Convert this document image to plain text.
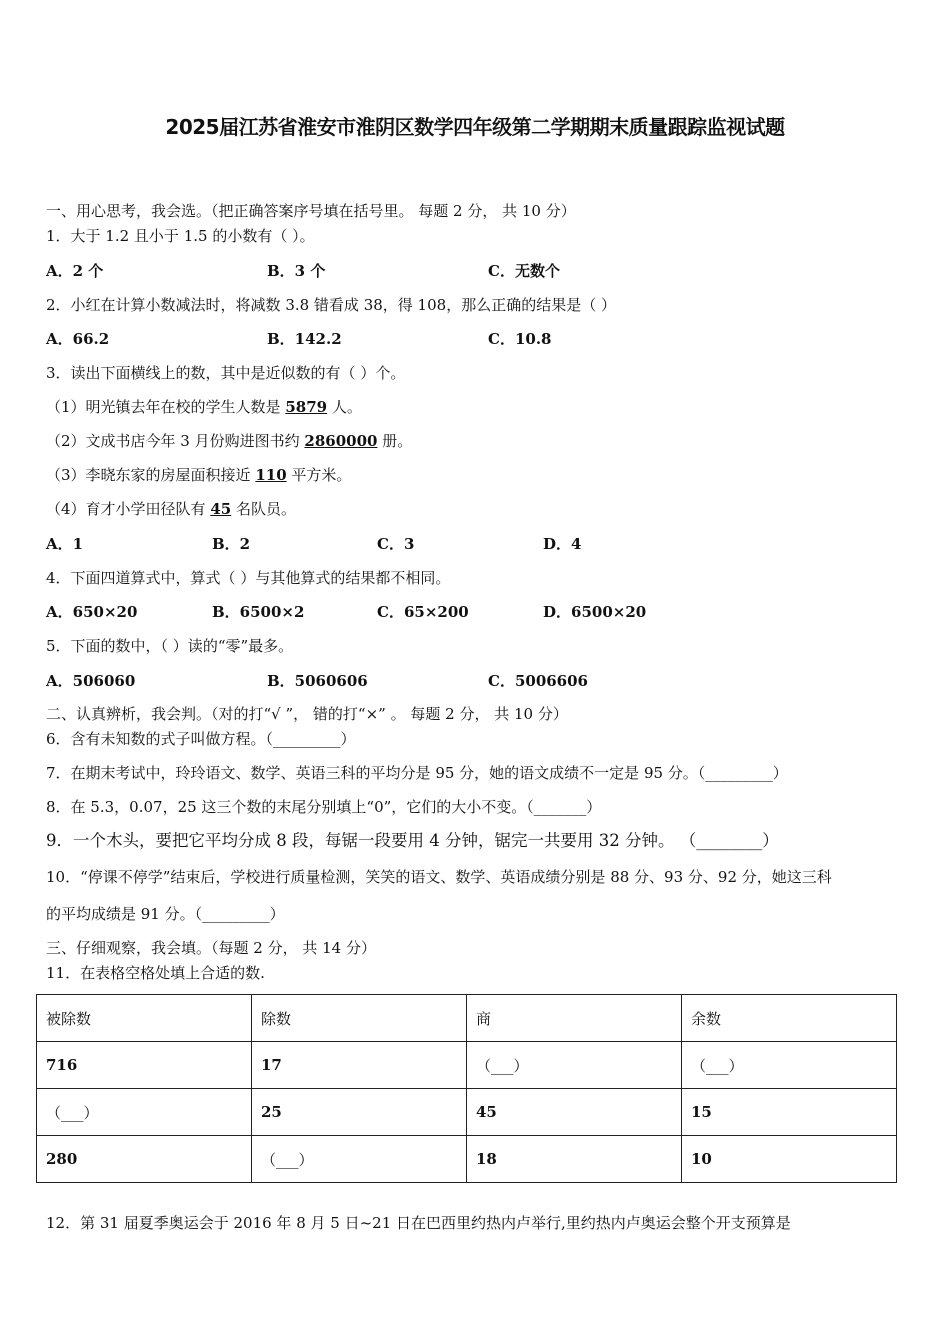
2025届江苏省淮安市淮阴区数学四年级第二学期期末质量跟踪监视试题
一、用心思考，我会选。（把正确答案序号填在括号里。 每题 2 分， 共 10 分）
1．大于 1.2 且小于 1.5 的小数有（ ）。
A．2 个	B．3 个	C．无数个
2．小红在计算小数减法时，将减数 3.8 错看成 38，得 108，那么正确的结果是（ ）
A．66.2	B．142.2	C．10.8
3．读出下面横线上的数，其中是近似数的有（ ）个。
（1）明光镇去年在校的学生人数是 5879 人。
（2）文成书店今年 3 月份购进图书约 2860000 册。
（3）李晓东家的房屋面积接近 110 平方米。
（4）育才小学田径队有 45 名队员。
A．1	B．2	C．3	D．4
4．下面四道算式中，算式（ ）与其他算式的结果都不相同。
A．650×20	B．6500×2	C．65×200	D．6500×20
5．下面的数中，（ ）读的“零”最多。
A．506060	B．5060606	C．5006606
二、认真辨析，我会判。（对的打“√ ”， 错的打“×” 。 每题 2 分， 共 10 分）
6．含有未知数的式子叫做方程。（_________）
7．在期末考试中，玲玲语文、数学、英语三科的平均分是 95 分，她的语文成绩不一定是 95 分。（_________）
8．在 5.3，0.07，25 这三个数的末尾分别填上“0”，它们的大小不变。（_______）
9．一个木头，要把它平均分成 8 段，每锯一段要用 4 分钟，锯完一共要用 32 分钟。 （________）
10．“停课不停学”结束后，学校进行质量检测，笑笑的语文、数学、英语成绩分别是 88 分、93 分、92 分，她这三科
的平均成绩是 91 分。（_________）
三、仔细观察，我会填。（每题 2 分， 共 14 分）
11．在表格空格处填上合适的数.
被除数	除数	商	余数
716	17	（___）	（___）
（___）	25	45	15
280	（___）	18	10
12．第 31 届夏季奥运会于 2016 年 8 月 5 日~21 日在巴西里约热内卢举行,里约热内卢奥运会整个开支预算是
